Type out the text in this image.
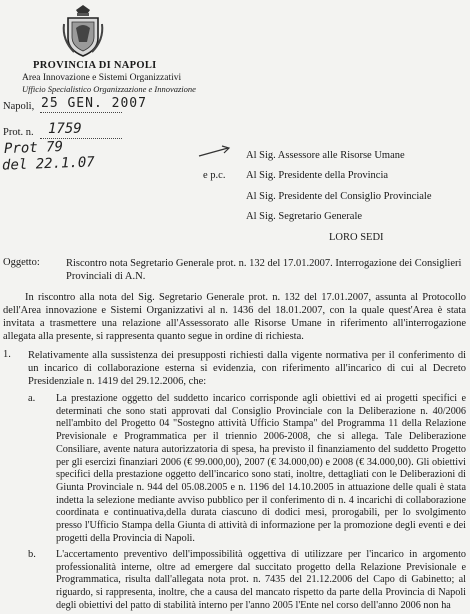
PROVINCIA DI NAPOLI
Area Innovazione e Sistemi Organizzativi
Ufficio Specialistico Organizzazione e Innovazione
Napoli, 25 GEN. 2007
Prot. n. 1759
Prot 79
del 22.1.07	Al Sig. Assessore alle Risorse Umane
e p.c. Al Sig. Presidente della Provincia
Al Sig. Presidente del Consiglio Provinciale
Al Sig. Segretario Generale
LORO SEDI
Oggetto:	Riscontro nota Segretario Generale prot. n. 132 del 17.01.2007. Interrogazione dei Consiglieri Provinciali di A.N.
In riscontro alla nota del Sig. Segretario Generale prot. n. 132 del 17.01.2007, assunta al Protocollo dell'Area innovazione e Sistemi Organizzativi al n. 1436 del 18.01.2007, con la quale quest'Area è stata invitata a trasmettere una relazione all'Assessorato alle Risorse Umane in riferimento all'interrogazione allegata alla presente, si rappresenta quanto segue in ordine di richiesta.
1. Relativamente alla sussistenza dei presupposti richiesti dalla vigente normativa per il conferimento di un incarico di collaborazione esterna si evidenzia, con riferimento all'incarico di cui al Decreto Presidenziale n. 1419 del 29.12.2006, che:
a. La prestazione oggetto del suddetto incarico corrisponde agli obiettivi ed ai progetti specifici e determinati che sono stati approvati dal Consiglio Provinciale con la Deliberazione n. 40/2006 nell'ambito del Progetto 04 "Sostegno attività Ufficio Stampa" del Programma 11 della Relazione Previsionale e Programmatica per il triennio 2006-2008, che si allega. Tale Deliberazione Consiliare, avente natura autorizzatoria di spesa, ha previsto il finanziamento del suddetto Progetto per gli esercizi finanziari 2006 (€ 99.000,00), 2007 (€ 34.000,00) e 2008 (€ 34.000,00). Gli obiettivi specifici della prestazione oggetto dell'incarico sono stati, inoltre, dettagliati con le Deliberazioni di Giunta Provinciale n. 944 del 05.08.2005 e n. 1196 del 14.10.2005 in attuazione delle quali è stata indetta la selezione mediante avviso pubblico per il conferimento di n. 4 incarichi di collaborazione coordinata e continuativa,della durata ciascuno di dodici mesi, prorogabili, per lo svolgimento presso l'Ufficio Stampa della Giunta di attività di informazione per la promozione degli eventi e dei progetti della Provincia di Napoli.
b. L'accertamento preventivo dell'impossibilità oggettiva di utilizzare per l'incarico in argomento professionalità interne, oltre ad emergere dal succitato progetto della Relazione Previsionale e Programmatica, risulta dall'allegata nota prot. n. 7435 del 21.12.2006 del Capo di Gabinetto; al riguardo, si rappresenta, inoltre, che a causa del mancato rispetto da parte della Provincia di Napoli degli obiettivi del patto di stabilità interno per l'anno 2005 l'Ente nel corso dell'anno 2006 non ha
